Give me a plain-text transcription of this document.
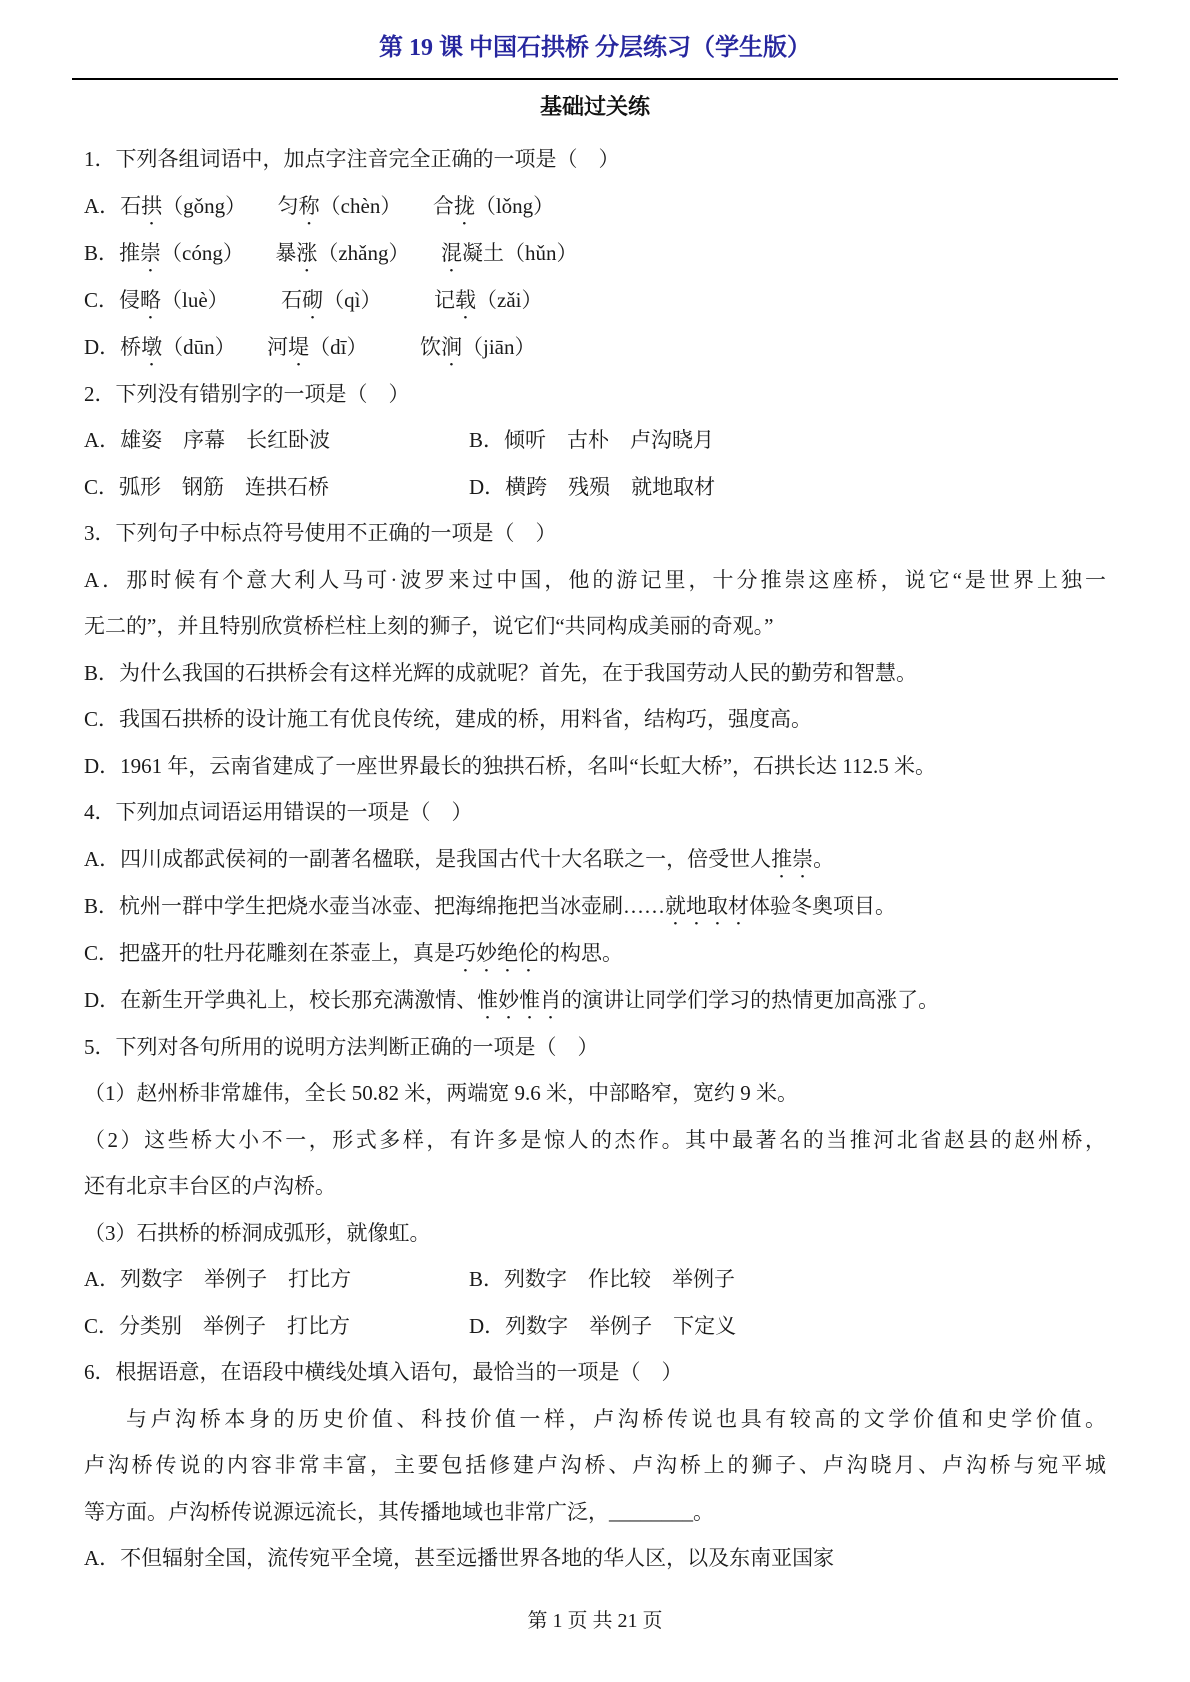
第 19 课 中国石拱桥 分层练习（学生版）
基础过关练

1．下列各组词语中，加点字注音完全正确的一项是（　）

A．石拱（gǒng）　　匀称（chèn）　　合拢（lǒng）

B．推崇（cóng）　　暴涨（zhǎng）　　混凝土（hǔn）

C．侵略（luè）　　　石砌（qì）　　　记载（zǎi）

D．桥墩（dūn）　　河堤（dī）　　　饮涧（jiān）

2．下列没有错别字的一项是（　）

A．雄姿　序幕　长红卧波	B．倾听　古朴　卢沟晓月

C．弧形　钢筋　连拱石桥	D．横跨　残殒　就地取材

3．下列句子中标点符号使用不正确的一项是（　）

A．那时候有个意大利人马可·波罗来过中国，他的游记里，十分推崇这座桥，说它“是世界上独一

无二的”，并且特别欣赏桥栏柱上刻的狮子，说它们“共同构成美丽的奇观。”

B．为什么我国的石拱桥会有这样光辉的成就呢？首先，在于我国劳动人民的勤劳和智慧。

C．我国石拱桥的设计施工有优良传统，建成的桥，用料省，结构巧，强度高。

D．1961 年，云南省建成了一座世界最长的独拱石桥，名叫“长虹大桥”，石拱长达 112.5 米。

4．下列加点词语运用错误的一项是（　）

A．四川成都武侯祠的一副著名楹联，是我国古代十大名联之一，倍受世人推崇。

B．杭州一群中学生把烧水壶当冰壶、把海绵拖把当冰壶刷……就地取材体验冬奥项目。

C．把盛开的牡丹花雕刻在茶壶上，真是巧妙绝伦的构思。

D．在新生开学典礼上，校长那充满激情、惟妙惟肖的演讲让同学们学习的热情更加高涨了。

5．下列对各句所用的说明方法判断正确的一项是（　）

（1）赵州桥非常雄伟，全长 50.82 米，两端宽 9.6 米，中部略窄，宽约 9 米。

（2）这些桥大小不一，形式多样，有许多是惊人的杰作。其中最著名的当推河北省赵县的赵州桥，

还有北京丰台区的卢沟桥。

（3）石拱桥的桥洞成弧形，就像虹。

A．列数字　举例子　打比方	B．列数字　作比较　举例子

C．分类别　举例子　打比方	D．列数字　举例子　下定义

6．根据语意，在语段中横线处填入语句，最恰当的一项是（　）

与卢沟桥本身的历史价值、科技价值一样，卢沟桥传说也具有较高的文学价值和史学价值。

卢沟桥传说的内容非常丰富，主要包括修建卢沟桥、卢沟桥上的狮子、卢沟晓月、卢沟桥与宛平城

等方面。卢沟桥传说源远流长，其传播地域也非常广泛，________。

A．不但辐射全国，流传宛平全境，甚至远播世界各地的华人区，以及东南亚国家

第 1 页 共 21 页
